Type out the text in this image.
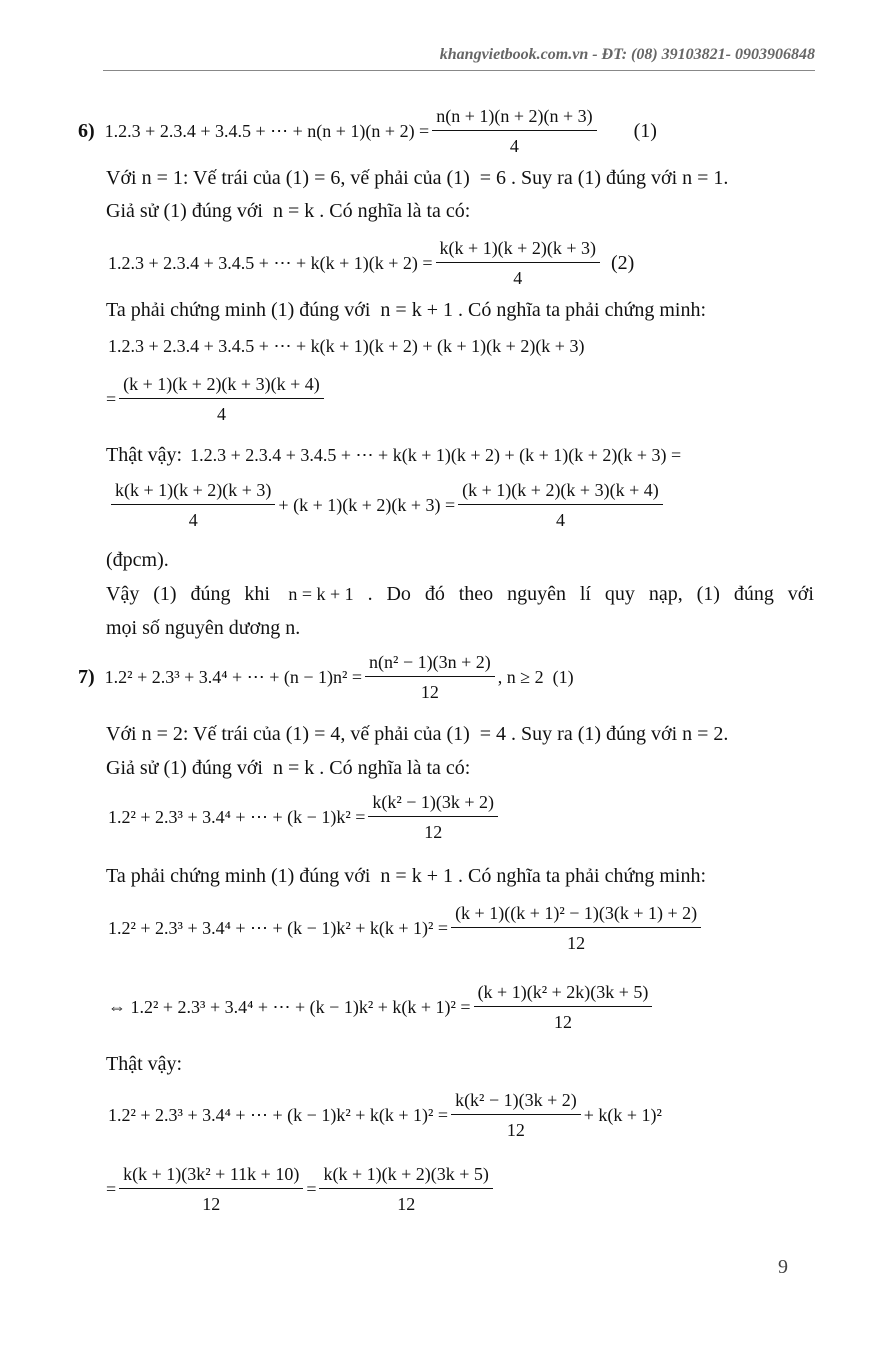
khangvietbook.com.vn - ĐT: (08) 39103821- 0903906848
6) 1.2.3 + 2.3.4 + 3.4.5 + ⋯ + $n(n + 1)(n + 2) = \frac{n(n + 1)(n + 2)(n + 3)}{4} (1)$
Với n = 1: Vế trái của (1) = 6, vế phải của (1)  = 6 . Suy ra (1) đúng với n = 1.
Giả sử (1) đúng với  n = k . Có nghĩa là ta có:
1.2.3 + 2.3.4 + 3.4.5 + ⋯ + $k(k + 1)(k + 2) = \frac{k(k + 1)(k + 2)(k + 3)}{4} (2)$
Ta phải chứng minh (1) đúng với  n = k + 1 . Có nghĩa ta phải chứng minh:
1.2.3 + 2.3.4 + 3.4.5 + ⋯ + k(k + 1)(k + 2) + (k + 1)(k + 2)(k + 3)
= $\frac{(k + 1)(k + 2)(k + 3)(k + 4)}{4}$
Thật vậy: 1.2.3 + 2.3.4 + 3.4.5 + ⋯ + k(k + 1)(k + 2) + (k + 1)(k + 2)(k + 3) =
$\frac{k(k + 1)(k + 2)(k + 3)}{4} + (k + 1)(k + 2)(k + 3) = \frac{(k + 1)(k + 2)(k + 3)(k + 4)}{4}$
(đpcm).
Vậy (1) đúng khi n = k + 1 . Do đó theo nguyên lí quy nạp, (1) đúng với
mọi số nguyên dương n.
7) 1.2² + 2.3³ + 3.4⁴ + ⋯ + $(n - 1)n^2 = \frac{\text{n(n² − 1)(3n + 2)}}{12}$ , n ≥ 2  (1)
Với n = 2: Vế trái của (1) = 4, vế phải của (1)  = 4 . Suy ra (1) đúng với n = 2.
Giả sử (1) đúng với  n = k . Có nghĩa là ta có:
1.2² + 2.3³ + 3.4⁴ + ⋯ + $(k - 1)k^2 = \frac{\text{k(k² − 1)(3k + 2)}}{12}$
Ta phải chứng minh (1) đúng với  n = k + 1 . Có nghĩa ta phải chứng minh:
1.2² + 2.3³ + 3.4⁴ + ⋯ + $(k - 1)k^2 + k(k + 1)^2 = \frac{\text{(k + 1)((k + 1)² − 1)(3(k + 1) + 2)}}{12}$
⇔ 1.2² + 2.3³ + 3.4⁴ + ⋯ + $(k - 1)k^2 + k(k + 1)^2 = \frac{\text{(k + 1)(k² + 2k)(3k + 5)}}{12}$
Thật vậy:
1.2² + 2.3³ + 3.4⁴ + ⋯ + $(k - 1)k^2 + k(k + 1)^2 = \frac{\text{k(k² − 1)(3k + 2)}}{12} + k(k + 1)^2$
= $\frac{\text{k(k + 1)(3k² + 11k + 10)}}{12} = \frac{k(k + 1)(k + 2)(3k + 5)}{12}$
9
